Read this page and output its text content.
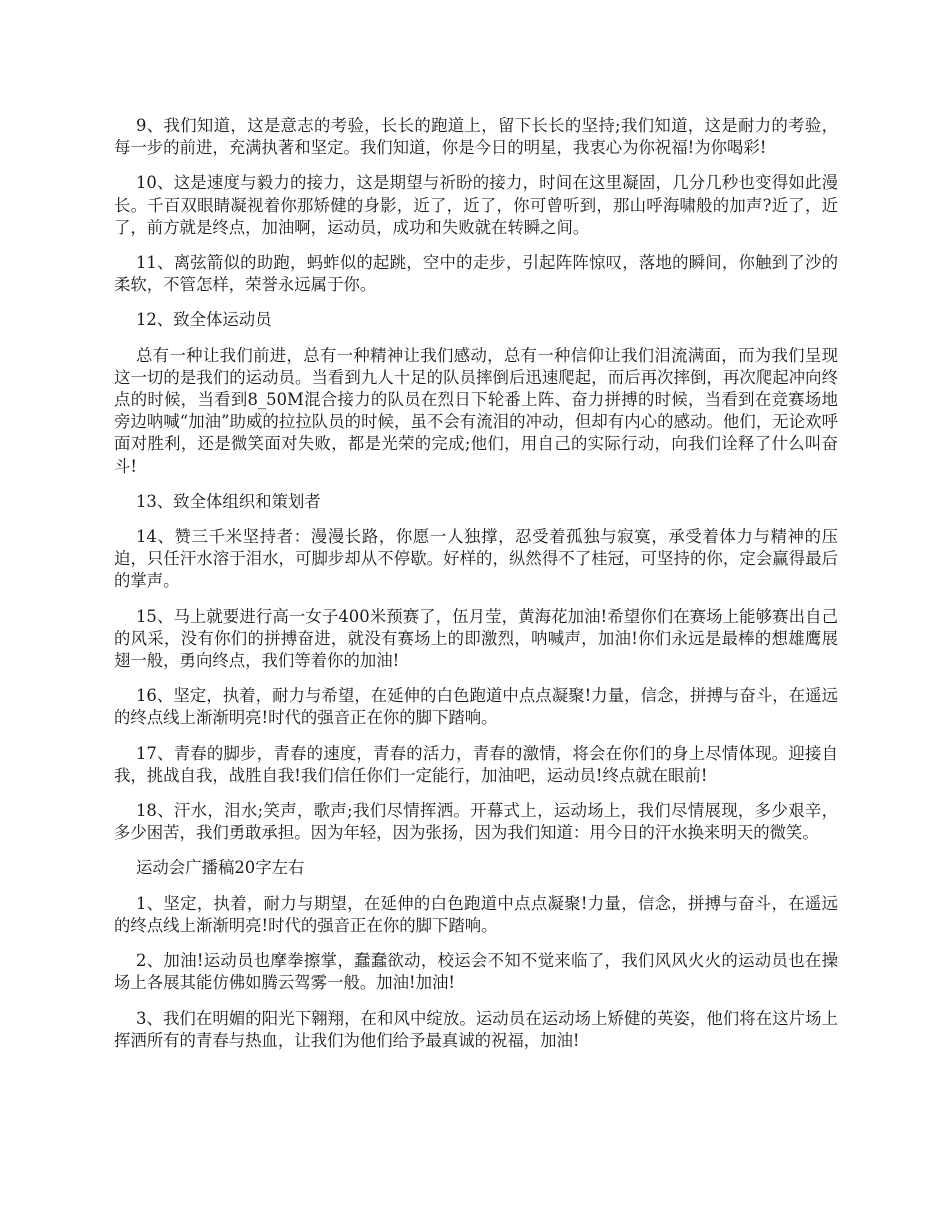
9、我们知道，这是意志的考验，长长的跑道上，留下长长的坚持;我们知道，这是耐力的考验，每一步的前进，充满执著和坚定。我们知道，你是今日的明星，我衷心为你祝福!为你喝彩!

10、这是速度与毅力的接力，这是期望与祈盼的接力，时间在这里凝固，几分几秒也变得如此漫长。千百双眼睛凝视着你那矫健的身影，近了，近了，你可曾听到，那山呼海啸般的加声?近了，近了，前方就是终点，加油啊，运动员，成功和失败就在转瞬之间。

11、离弦箭似的助跑，蚂蚱似的起跳，空中的走步，引起阵阵惊叹，落地的瞬间，你触到了沙的柔软，不管怎样，荣誉永远属于你。

12、致全体运动员

总有一种让我们前进，总有一种精神让我们感动，总有一种信仰让我们泪流满面，而为我们呈现这一切的是我们的运动员。当看到九人十足的队员摔倒后迅速爬起，而后再次摔倒，再次爬起冲向终点的时候，当看到8_50M混合接力的队员在烈日下轮番上阵、奋力拼搏的时候，当看到在竞赛场地旁边呐喊“加油”助威的拉拉队员的时候，虽不会有流泪的冲动，但却有内心的感动。他们，无论欢呼面对胜利，还是微笑面对失败，都是光荣的完成;他们，用自己的实际行动，向我们诠释了什么叫奋斗!

13、致全体组织和策划者

14、赞三千米坚持者：漫漫长路，你愿一人独撑，忍受着孤独与寂寞，承受着体力与精神的压迫，只任汗水溶于泪水，可脚步却从不停歇。好样的，纵然得不了桂冠，可坚持的你，定会赢得最后的掌声。

15、马上就要进行高一女子400米预赛了，伍月莹，黄海花加油!希望你们在赛场上能够赛出自己的风采，没有你们的拼搏奋进，就没有赛场上的即激烈，呐喊声，加油!你们永远是最棒的想雄鹰展翅一般，勇向终点，我们等着你的加油!

16、坚定，执着，耐力与希望，在延伸的白色跑道中点点凝聚!力量，信念，拼搏与奋斗，在遥远的终点线上渐渐明亮!时代的强音正在你的脚下踏响。

17、青春的脚步，青春的速度，青春的活力，青春的激情，将会在你们的身上尽情体现。迎接自我，挑战自我，战胜自我!我们信任你们一定能行，加油吧，运动员!终点就在眼前!

18、汗水，泪水;笑声，歌声;我们尽情挥洒。开幕式上，运动场上，我们尽情展现，多少艰辛，多少困苦，我们勇敢承担。因为年轻，因为张扬，因为我们知道：用今日的汗水换来明天的微笑。

运动会广播稿20字左右

1、坚定，执着，耐力与期望，在延伸的白色跑道中点点凝聚!力量，信念，拼搏与奋斗，在遥远的终点线上渐渐明亮!时代的强音正在你的脚下踏响。

2、加油!运动员也摩拳擦掌，蠢蠢欲动，校运会不知不觉来临了，我们风风火火的运动员也在操场上各展其能仿佛如腾云驾雾一般。加油!加油!

3、我们在明媚的阳光下翱翔，在和风中绽放。运动员在运动场上矫健的英姿，他们将在这片场上挥洒所有的青春与热血，让我们为他们给予最真诚的祝福，加油!
